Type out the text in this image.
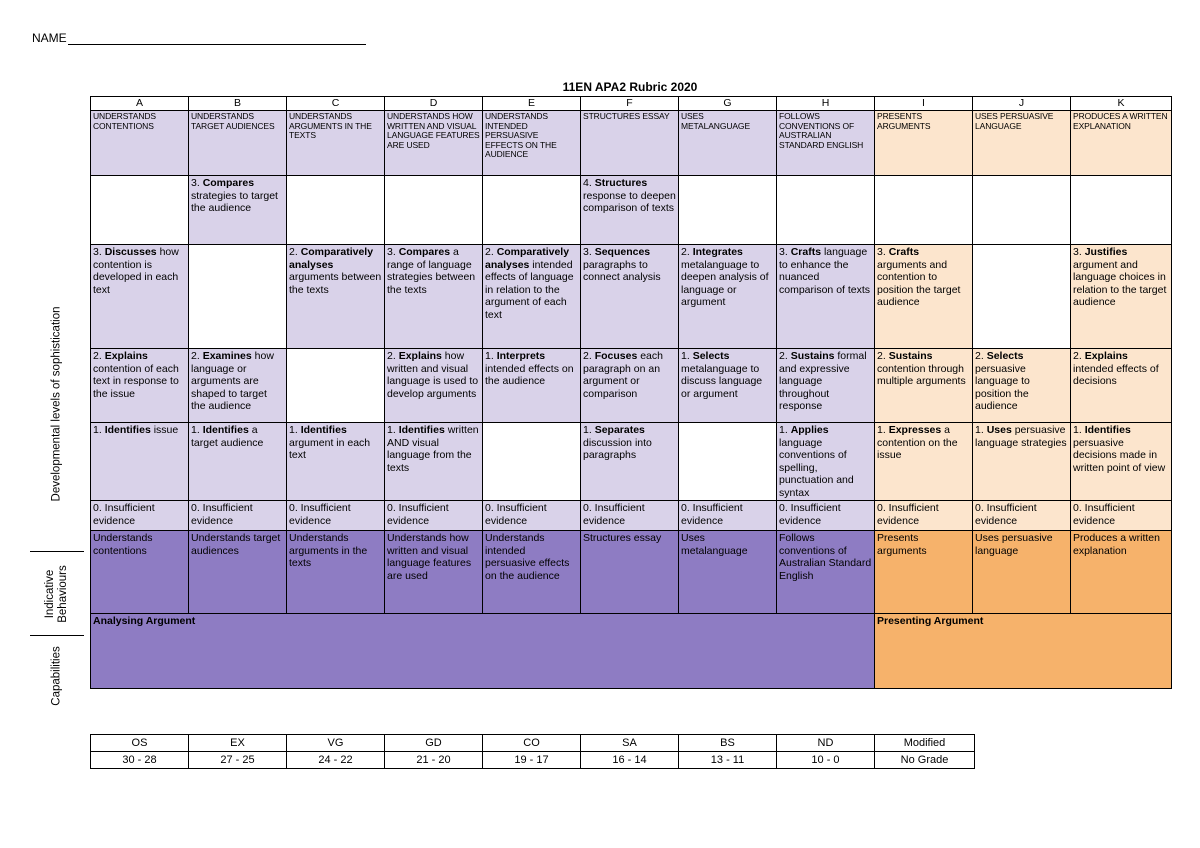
NAME
11EN APA2 Rubric 2020
Developmental levels of sophistication
Indicative
Behaviours
Capabilities
A	B	C	D	E	F	G	H	I	J	K
UNDERSTANDS CONTENTIONS	UNDERSTANDS TARGET AUDIENCES	UNDERSTANDS ARGUMENTS IN THE TEXTS	UNDERSTANDS HOW WRITTEN AND VISUAL LANGUAGE FEATURES ARE USED	UNDERSTANDS INTENDED PERSUASIVE EFFECTS ON THE AUDIENCE	STRUCTURES ESSAY	USES METALANGUAGE	FOLLOWS CONVENTIONS OF AUSTRALIAN STANDARD ENGLISH	PRESENTS ARGUMENTS	USES PERSUASIVE LANGUAGE	PRODUCES A WRITTEN EXPLANATION
	3. Compares strategies to target the audience				4. Structures response to deepen comparison of texts					
3. Discusses how contention is developed in each text		2. Comparatively analyses arguments between the texts	3. Compares a range of language strategies between the texts	2. Comparatively analyses intended effects of language in relation to the argument of each text	3. Sequences paragraphs to connect analysis	2. Integrates metalanguage to deepen analysis of language or argument	3. Crafts language to enhance the nuanced comparison of texts	3. Crafts arguments and contention to position the target audience		3. Justifies argument and language choices in relation to the target audience
2. Explains contention of each text in response to the issue	2. Examines how language or arguments are shaped to target the audience		2. Explains how written and visual language is used to develop arguments	1. Interprets intended effects on the audience	2. Focuses each paragraph on an argument or comparison	1. Selects metalanguage to discuss language or argument	2. Sustains formal and expressive language throughout response	2. Sustains contention through multiple arguments	2. Selects persuasive language to position the audience	2. Explains intended effects of decisions
1. Identifies issue	1. Identifies a target audience	1. Identifies argument in each text	1. Identifies written AND visual language from the texts		1. Separates discussion into paragraphs		1. Applies language conventions of spelling, punctuation and syntax	1. Expresses a contention on the issue	1. Uses persuasive language strategies	1. Identifies persuasive decisions made in written point of view
0. Insufficient evidence	0. Insufficient evidence	0. Insufficient evidence	0. Insufficient evidence	0. Insufficient evidence	0. Insufficient evidence	0. Insufficient evidence	0. Insufficient evidence	0. Insufficient evidence	0. Insufficient evidence	0. Insufficient evidence
Understands contentions	Understands target audiences	Understands arguments in the texts	Understands how written and visual language features are used	Understands intended persuasive effects on the audience	Structures essay	Uses metalanguage	Follows conventions of Australian Standard English	Presents arguments	Uses persuasive language	Produces a written explanation
Analysing Argument								Presenting Argument		
OS	EX	VG	GD	CO	SA	BS	ND	Modified
30 - 28	27 - 25	24 - 22	21 - 20	19 - 17	16 - 14	13 - 11	10 - 0	No Grade
